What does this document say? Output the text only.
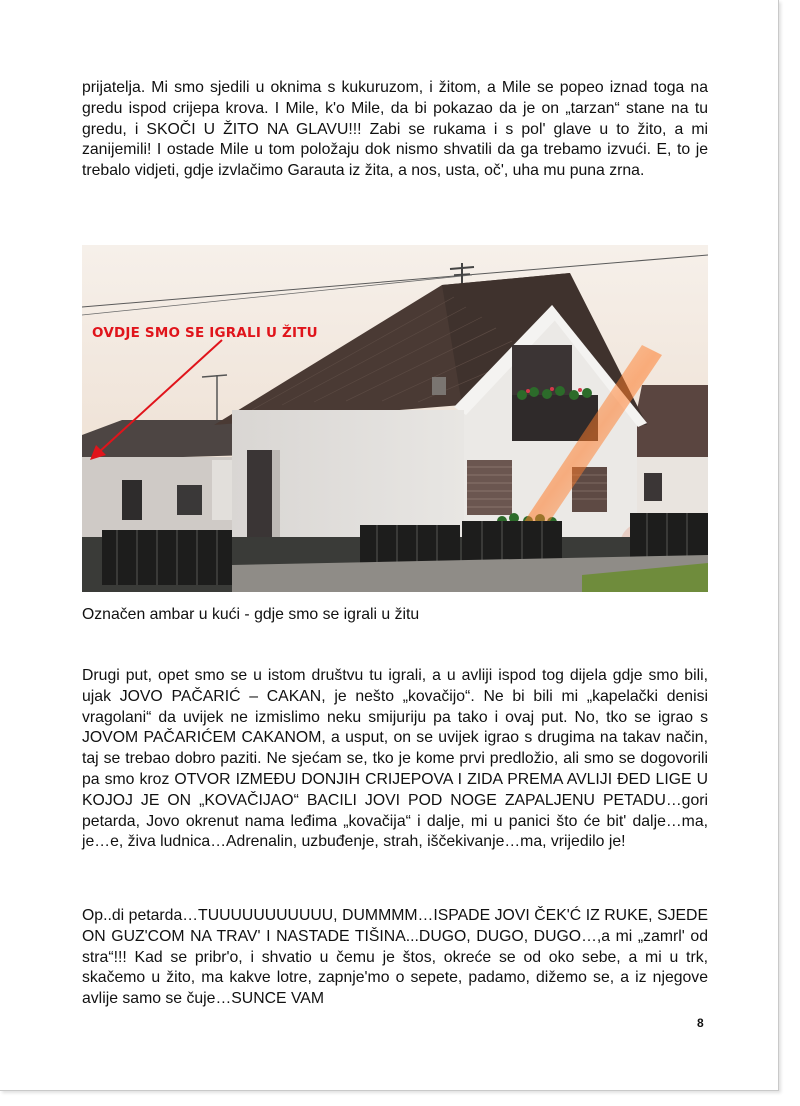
prijatelja. Mi smo sjedili u oknima s kukuruzom, i žitom, a Mile se popeo iznad toga na gredu ispod crijepa krova. I Mile, k'o Mile, da bi pokazao da je on „tarzan“ stane na tu gredu, i SKOČI U ŽITO NA GLAVU!!! Zabi se rukama i s pol' glave u to žito, a mi zanijemili! I ostade Mile u tom položaju dok nismo shvatili da ga trebamo izvući. E, to je trebalo vidjeti, gdje izvlačimo Garauta iz žita, a nos, usta, oč', uha mu puna zrna.

OVDJE SMO SE IGRALI U ŽITU
Označen ambar u kući - gdje smo se igrali u žitu

Drugi put, opet smo se u istom društvu tu igrali, a u avliji ispod tog dijela gdje smo bili, ujak JOVO PAČARIĆ – CAKAN, je nešto „kovačijo“. Ne bi bili mi „kapelački denisi vragolani“ da uvijek ne izmislimo neku smijuriju pa tako i ovaj put. No, tko se igrao s JOVOM PAČARIĆEM CAKANOM, a usput, on se uvijek igrao s drugima na takav način, taj se trebao dobro paziti. Ne sjećam se, tko je kome prvi predložio, ali smo se dogovorili pa smo kroz OTVOR IZMEĐU DONJIH CRIJEPOVA I ZIDA PREMA AVLIJI ĐED LIGE U KOJOJ JE ON „KOVAČIJAO“ BACILI JOVI POD NOGE ZAPALJENU PETADU…gori petarda, Jovo okrenut nama leđima „kovačija“ i dalje, mi u panici što će bit' dalje…ma, je…e, živa ludnica…Adrenalin, uzbuđenje, strah, iščekivanje…ma, vrijedilo je!

Op..di petarda…TUUUUUUUUUUU, DUMMMM…ISPADE JOVI ČEK'Ć IZ RUKE, SJEDE ON GUZ'COM NA TRAV' I NASTADE TIŠINA...DUGO, DUGO, DUGO…,a mi „zamrl' od stra“!!! Kad se pribr'o, i shvatio u čemu je štos, okreće se od oko sebe, a mi u trk, skačemo u žito, ma kakve lotre, zapnje'mo o sepete, padamo, dižemo se, a iz njegove avlije samo se čuje…SUNCE VAM

8
